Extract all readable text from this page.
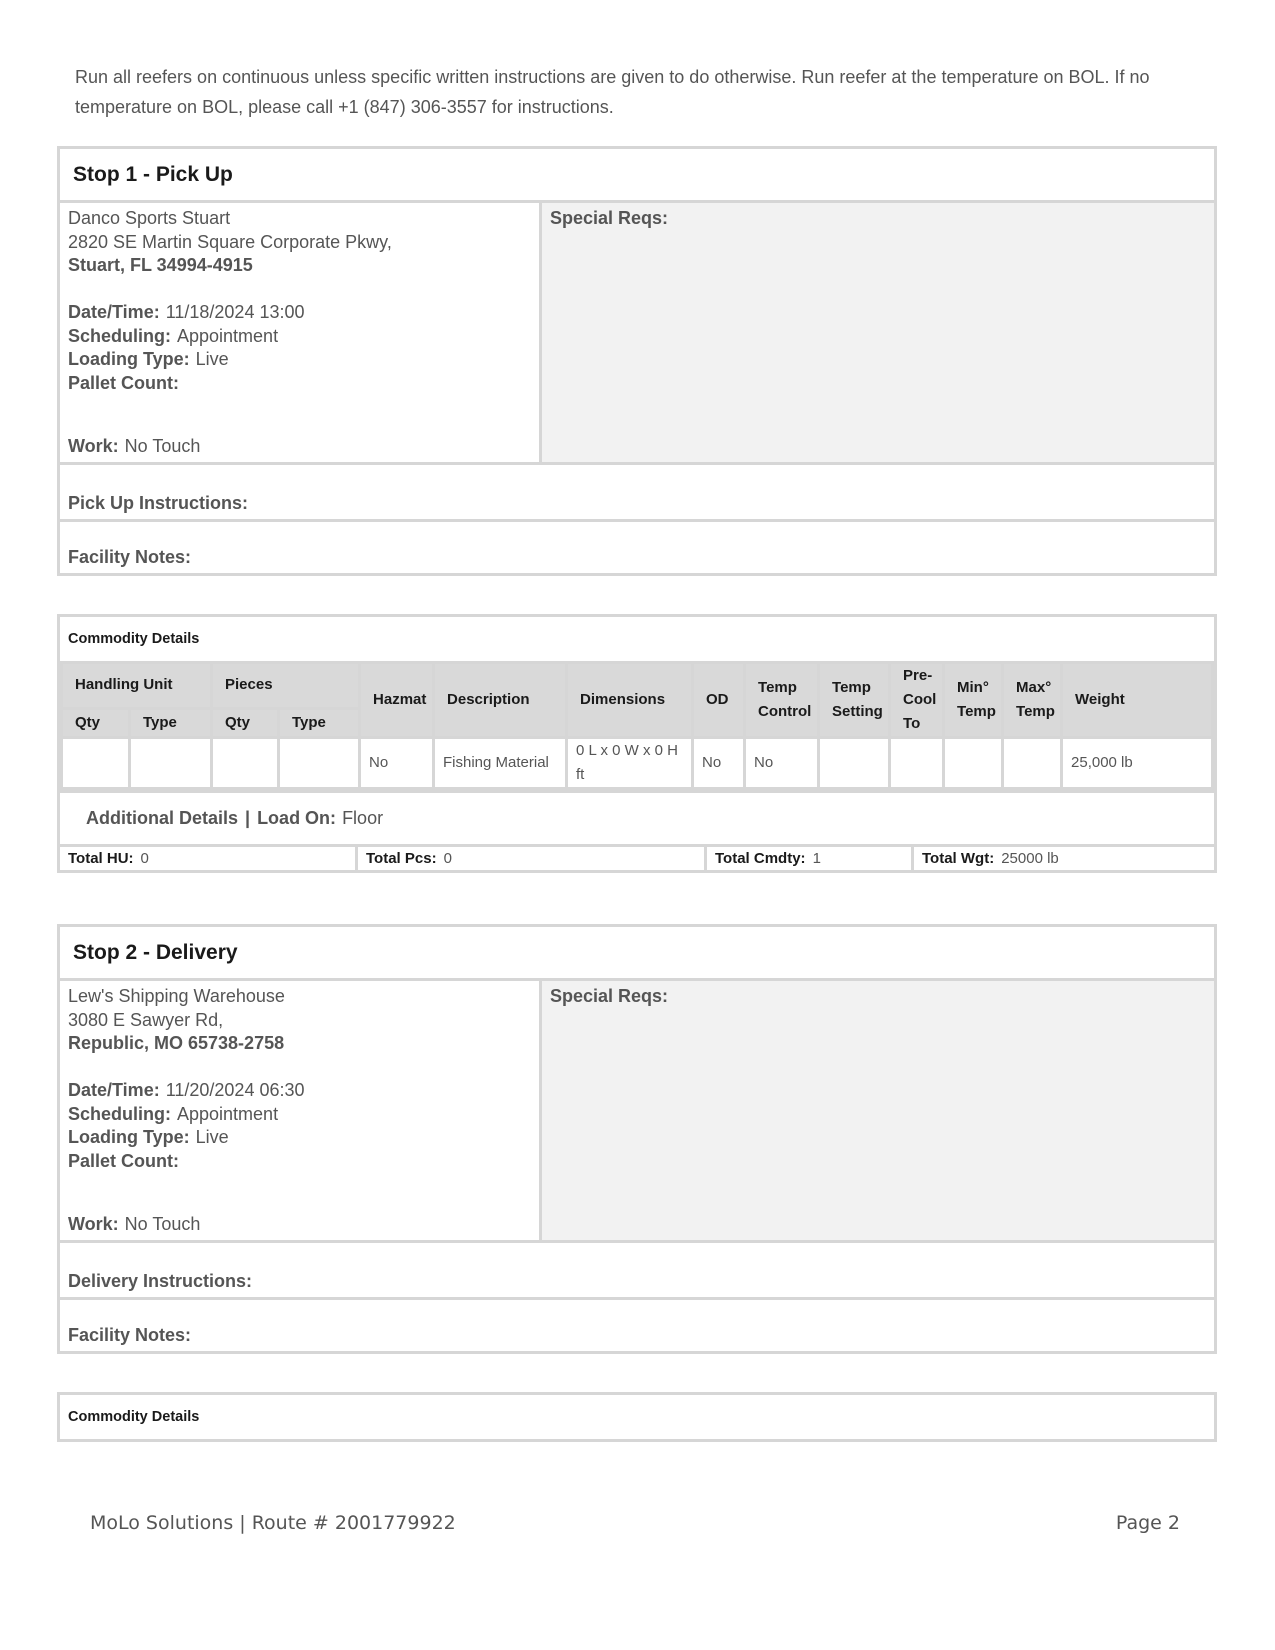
Run all reefers on continuous unless specific written instructions are given to do otherwise. Run reefer at the temperature on BOL. If no temperature on BOL, please call +1 (847) 306-3557 for instructions.
Stop 1 - Pick Up
Danco Sports Stuart
2820 SE Martin Square Corporate Pkwy,
Stuart, FL 34994-4915

Date/Time: 11/18/2024 13:00
Scheduling: Appointment
Loading Type: Live
Pallet Count:
Work: No Touch
Special Reqs:
Pick Up Instructions:
Facility Notes:
Commodity Details
Handling Unit		Pieces		Hazmat	Description	Dimensions	OD	Temp Control	Temp Setting	Pre-Cool To	Min° Temp	Max° Temp	Weight
Qty	Type	Qty	Type										
				No	Fishing Material	0 L x 0 W x 0 H ft	No	No					25,000 lb
Additional Details | Load On: Floor
Total HU: 0	Total Pcs: 0	Total Cmdty: 1	Total Wgt: 25000 lb
Stop 2 - Delivery
Lew's Shipping Warehouse
3080 E Sawyer Rd,
Republic, MO 65738-2758

Date/Time: 11/20/2024 06:30
Scheduling: Appointment
Loading Type: Live
Pallet Count:
Work: No Touch
Special Reqs:
Delivery Instructions:
Facility Notes:
Commodity Details
MoLo Solutions | Route # 2001779922	Page 2
